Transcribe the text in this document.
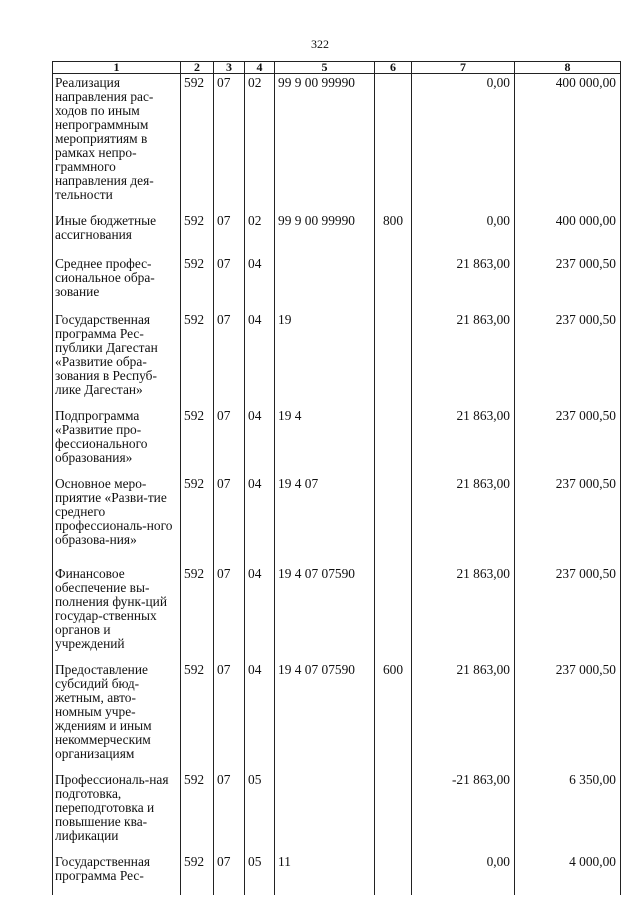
322
1	2	3	4	5	6	7	8
Реализация направления рас-ходов по иным непрограммным мероприятиям в рамках непро-граммного направления дея-тельности	592	07	02	99 9 00 99990		0,00	400 000,00
Иные бюджетные ассигнования	592	07	02	99 9 00 99990	800	0,00	400 000,00
Среднее профес-сиональное обра-зование	592	07	04			21 863,00	237 000,50
Государственная программа Рес-публики Дагестан «Развитие обра-зования в Респуб-лике Дагестан»	592	07	04	19		21 863,00	237 000,50
Подпрограмма «Развитие про-фессионального образования»	592	07	04	19 4		21 863,00	237 000,50
Основное меро-приятие «Разви-тие среднего профессиональ-ного образова-ния»	592	07	04	19 4 07		21 863,00	237 000,50
Финансовое обеспечение вы-полнения функ-ций государ-ственных органов и учреждений	592	07	04	19 4 07 07590		21 863,00	237 000,50
Предоставление субсидий бюд-жетным, авто-номным учре-ждениям и иным некоммерческим организациям	592	07	04	19 4 07 07590	600	21 863,00	237 000,50
Профессиональ-ная подготовка, переподготовка и повышение ква-лификации	592	07	05			-21 863,00	6 350,00
Государственная программа Рес-	592	07	05	11		0,00	4 000,00
